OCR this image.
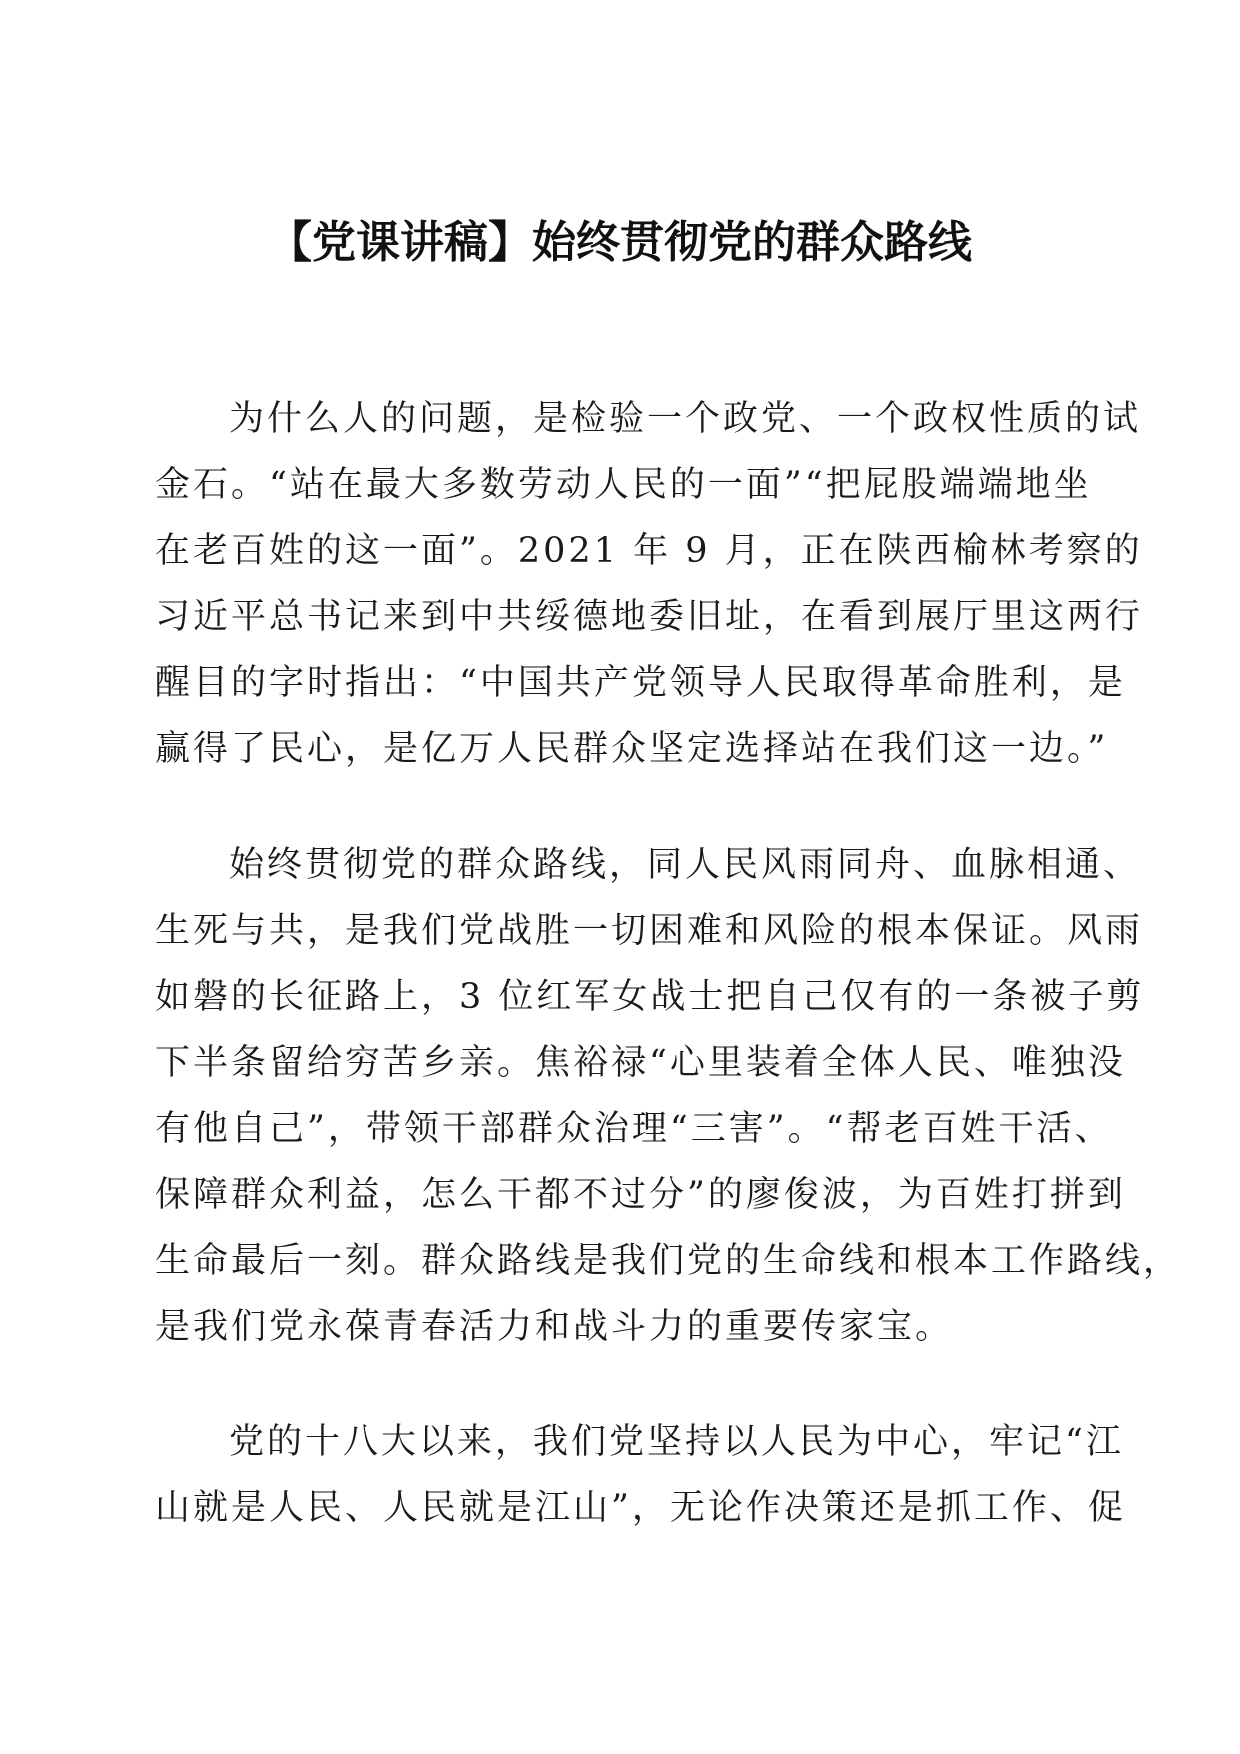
【党课讲稿】始终贯彻党的群众路线
为什么人的问题，是检验一个政党、一个政权性质的试
金石。“站在最大多数劳动人民的一面”“把屁股端端地坐
在老百姓的这一面”。2021 年 9 月，正在陕西榆林考察的
习近平总书记来到中共绥德地委旧址，在看到展厅里这两行
醒目的字时指出：“中国共产党领导人民取得革命胜利，是
赢得了民心，是亿万人民群众坚定选择站在我们这一边。”
始终贯彻党的群众路线，同人民风雨同舟、血脉相通、
生死与共，是我们党战胜一切困难和风险的根本保证。风雨
如磐的长征路上，3 位红军女战士把自己仅有的一条被子剪
下半条留给穷苦乡亲。焦裕禄“心里装着全体人民、唯独没
有他自己”，带领干部群众治理“三害”。“帮老百姓干活、
保障群众利益，怎么干都不过分”的廖俊波，为百姓打拼到
生命最后一刻。群众路线是我们党的生命线和根本工作路线，
是我们党永葆青春活力和战斗力的重要传家宝。
党的十八大以来，我们党坚持以人民为中心，牢记“江
山就是人民、人民就是江山”，无论作决策还是抓工作、促
